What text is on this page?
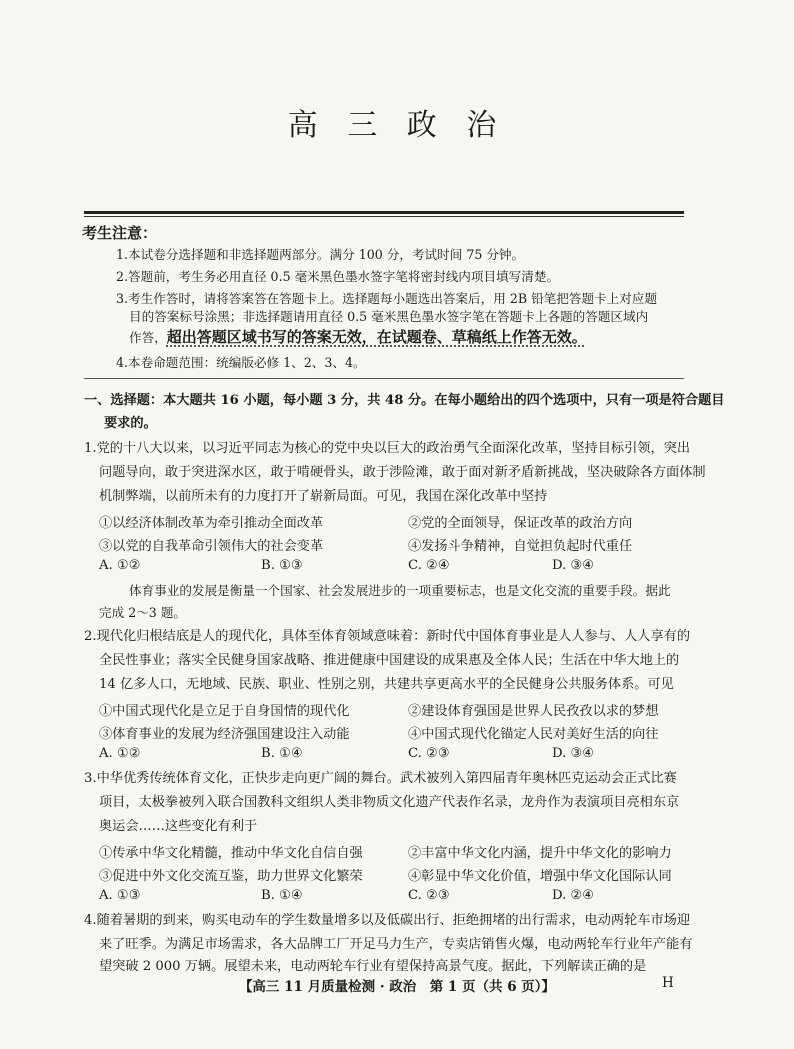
高 三 政 治
考生注意：
1.本试卷分选择题和非选择题两部分。满分 100 分，考试时间 75 分钟。
2.答题前，考生务必用直径 0.5 毫米黑色墨水签字笔将密封线内项目填写清楚。
3.考生作答时，请将答案答在答题卡上。选择题每小题选出答案后，用 2B 铅笔把答题卡上对应题
目的答案标号涂黑；非选择题请用直径 0.5 毫米黑色墨水签字笔在答题卡上各题的答题区域内
作答，超出答题区域书写的答案无效，在试题卷、草稿纸上作答无效。
4.本卷命题范围：统编版必修 1、2、3、4。
一、选择题：本大题共 16 小题，每小题 3 分，共 48 分。在每小题给出的四个选项中，只有一项是符合题目
要求的。
1.党的十八大以来，以习近平同志为核心的党中央以巨大的政治勇气全面深化改革，坚持目标引领，突出
问题导向，敢于突进深水区，敢于啃硬骨头，敢于涉险滩，敢于面对新矛盾新挑战，坚决破除各方面体制
机制弊端，以前所未有的力度打开了崭新局面。可见，我国在深化改革中坚持
①以经济体制改革为牵引推动全面改革	②党的全面领导，保证改革的政治方向
③以党的自我革命引领伟大的社会变革	④发扬斗争精神，自觉担负起时代重任
A. ①②	B. ①③	C. ②④	D. ③④
体育事业的发展是衡量一个国家、社会发展进步的一项重要标志，也是文化交流的重要手段。据此
完成 2～3 题。
2.现代化归根结底是人的现代化，具体至体育领域意味着：新时代中国体育事业是人人参与、人人享有的
全民性事业；落实全民健身国家战略、推进健康中国建设的成果惠及全体人民；生活在中华大地上的
14 亿多人口，无地域、民族、职业、性别之别，共建共享更高水平的全民健身公共服务体系。可见
①中国式现代化是立足于自身国情的现代化	②建设体育强国是世界人民孜孜以求的梦想
③体育事业的发展为经济强国建设注入动能	④中国式现代化锚定人民对美好生活的向往
A. ①②	B. ①④	C. ②③	D. ③④
3.中华优秀传统体育文化，正快步走向更广阔的舞台。武术被列入第四届青年奥林匹克运动会正式比赛
项目，太极拳被列入联合国教科文组织人类非物质文化遗产代表作名录，龙舟作为表演项目亮相东京
奥运会……这些变化有利于
①传承中华文化精髓，推动中华文化自信自强	②丰富中华文化内涵，提升中华文化的影响力
③促进中外文化交流互鉴，助力世界文化繁荣	④彰显中华文化价值，增强中华文化国际认同
A. ①③	B. ①④	C. ②③	D. ②④
4.随着暑期的到来，购买电动车的学生数量增多以及低碳出行、拒绝拥堵的出行需求，电动两轮车市场迎
来了旺季。为满足市场需求，各大品牌工厂开足马力生产，专卖店销售火爆，电动两轮车行业年产能有
望突破 2 000 万辆。展望未来，电动两轮车行业有望保持高景气度。据此，下列解读正确的是
【高三 11 月质量检测 · 政治　第 1 页（共 6 页）】	H
